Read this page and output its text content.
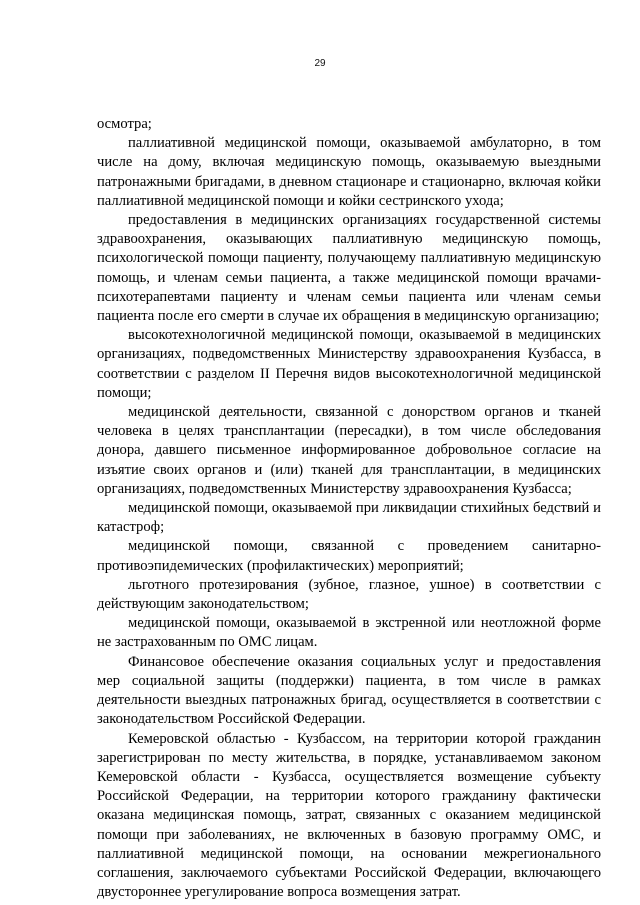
29

осмотра;

паллиативной медицинской помощи, оказываемой амбулаторно, в том числе на дому, включая медицинскую помощь, оказываемую выездными патронажными бригадами, в дневном стационаре и стационарно, включая койки паллиативной медицинской помощи и койки сестринского ухода;

предоставления в медицинских организациях государственной системы здравоохранения, оказывающих паллиативную медицинскую помощь, психологической помощи пациенту, получающему паллиативную медицинскую помощь, и членам семьи пациента, а также медицинской помощи врачами-психотерапевтами пациенту и членам семьи пациента или членам семьи пациента после его смерти в случае их обращения в медицинскую организацию;

высокотехнологичной медицинской помощи, оказываемой в медицинских организациях, подведомственных Министерству здравоохранения Кузбасса, в соответствии с разделом II Перечня видов высокотехнологичной медицинской помощи;

медицинской деятельности, связанной с донорством органов и тканей человека в целях трансплантации (пересадки), в том числе обследования донора, давшего письменное информированное добровольное согласие на изъятие своих органов и (или) тканей для трансплантации, в медицинских организациях, подведомственных Министерству здравоохранения Кузбасса;

медицинской помощи, оказываемой при ликвидации стихийных бедствий и катастроф;

медицинской помощи, связанной с проведением санитарно-противоэпидемических (профилактических) мероприятий;

льготного протезирования (зубное, глазное, ушное) в соответствии с действующим законодательством;

медицинской помощи, оказываемой в экстренной или неотложной форме не застрахованным по ОМС лицам.

Финансовое обеспечение оказания социальных услуг и предоставления мер социальной защиты (поддержки) пациента, в том числе в рамках деятельности выездных патронажных бригад, осуществляется в соответствии с законодательством Российской Федерации.

Кемеровской областью - Кузбассом, на территории которой гражданин зарегистрирован по месту жительства, в порядке, устанавливаемом законом Кемеровской области - Кузбасса, осуществляется возмещение субъекту Российской Федерации, на территории которого гражданину фактически оказана медицинская помощь, затрат, связанных с оказанием медицинской помощи при заболеваниях, не включенных в базовую программу ОМС, и паллиативной медицинской помощи, на основании межрегионального соглашения, заключаемого субъектами Российской Федерации, включающего двустороннее урегулирование вопроса возмещения затрат.
